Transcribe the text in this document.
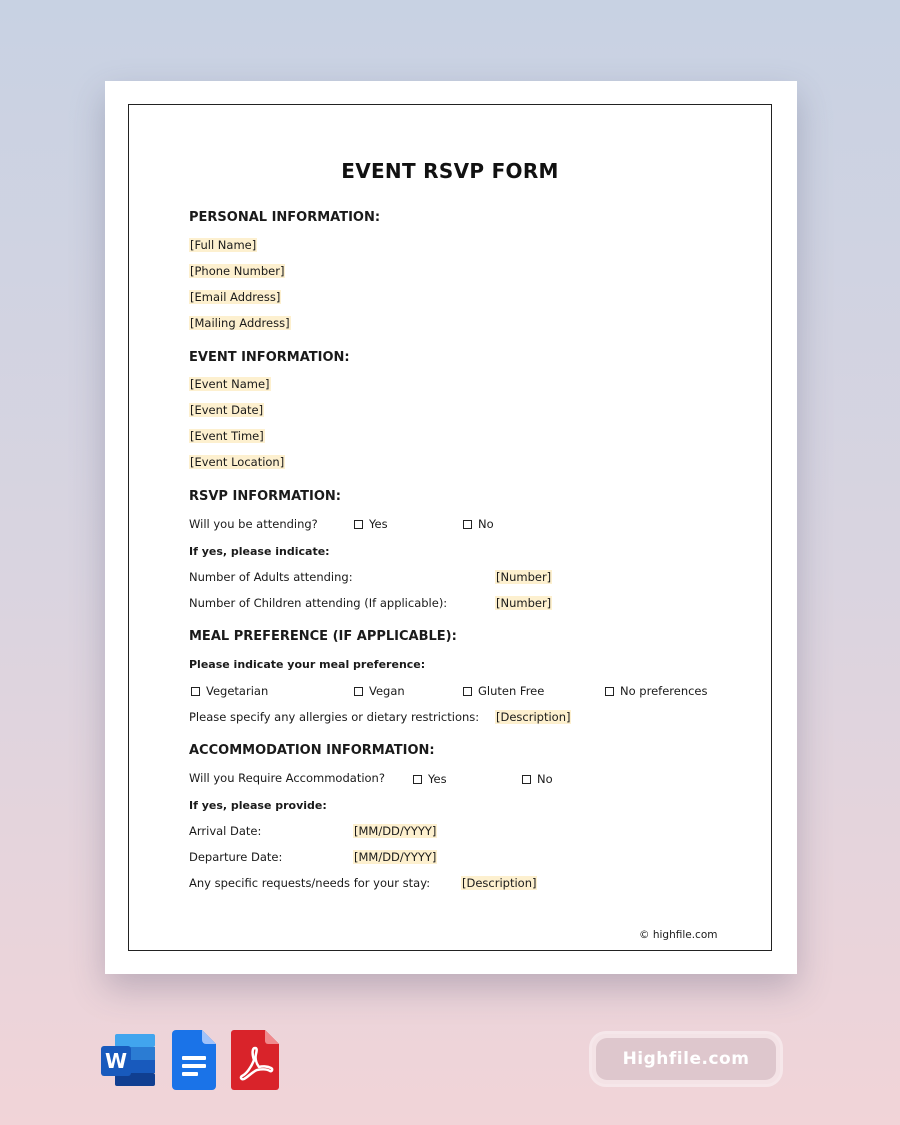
EVENT RSVP FORM
PERSONAL INFORMATION:
[Full Name]
[Phone Number]
[Email Address]
[Mailing Address]
EVENT INFORMATION:
[Event Name]
[Event Date]
[Event Time]
[Event Location]
RSVP INFORMATION:
Will you be attending?	Yes	No
If yes, please indicate:
Number of Adults attending:	[Number]
Number of Children attending (If applicable):	[Number]
MEAL PREFERENCE (IF APPLICABLE):
Please indicate your meal preference:
Vegetarian	Vegan	Gluten Free	No preferences
Please specify any allergies or dietary restrictions: [Description]
ACCOMMODATION INFORMATION:
Will you Require Accommodation?	Yes	No
If yes, please provide:
Arrival Date:	[MM/DD/YYYY]
Departure Date:	[MM/DD/YYYY]
Any specific requests/needs for your stay:	[Description]
© highfile.com
W	Highfile.com
